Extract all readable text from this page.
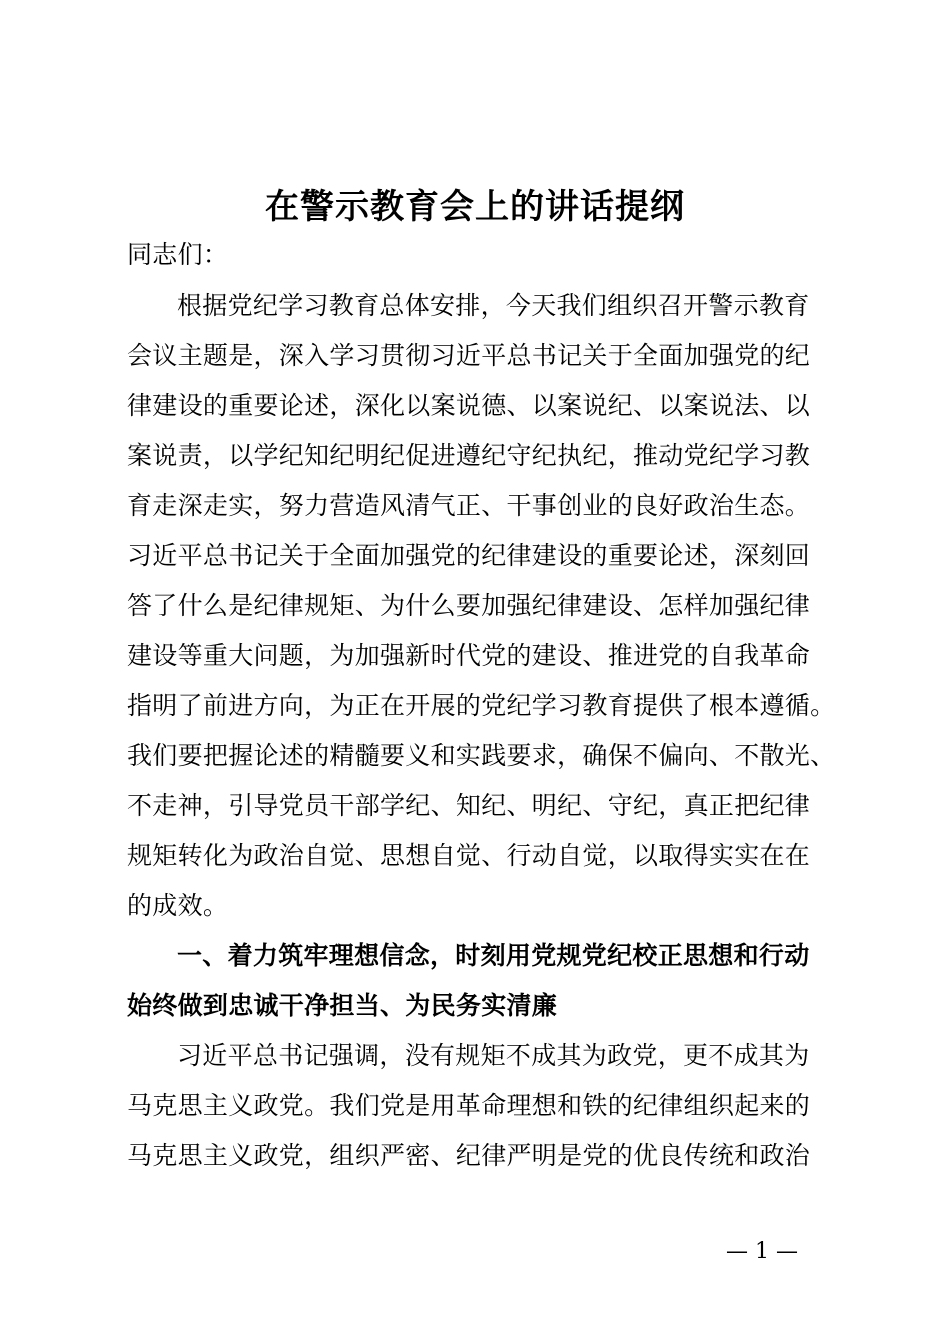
在警示教育会上的讲话提纲
同志们：
根据党纪学习教育总体安排，今天我们组织召开警示教育
会议主题是，深入学习贯彻习近平总书记关于全面加强党的纪
律建设的重要论述，深化以案说德、以案说纪、以案说法、以
案说责，以学纪知纪明纪促进遵纪守纪执纪，推动党纪学习教
育走深走实，努力营造风清气正、干事创业的良好政治生态。
习近平总书记关于全面加强党的纪律建设的重要论述，深刻回
答了什么是纪律规矩、为什么要加强纪律建设、怎样加强纪律
建设等重大问题，为加强新时代党的建设、推进党的自我革命
指明了前进方向，为正在开展的党纪学习教育提供了根本遵循。
我们要把握论述的精髓要义和实践要求，确保不偏向、不散光、
不走神，引导党员干部学纪、知纪、明纪、守纪，真正把纪律
规矩转化为政治自觉、思想自觉、行动自觉，以取得实实在在
的成效。
一、着力筑牢理想信念，时刻用党规党纪校正思想和行动
始终做到忠诚干净担当、为民务实清廉
习近平总书记强调，没有规矩不成其为政党，更不成其为
马克思主义政党。我们党是用革命理想和铁的纪律组织起来的
马克思主义政党，组织严密、纪律严明是党的优良传统和政治
— 1 —
